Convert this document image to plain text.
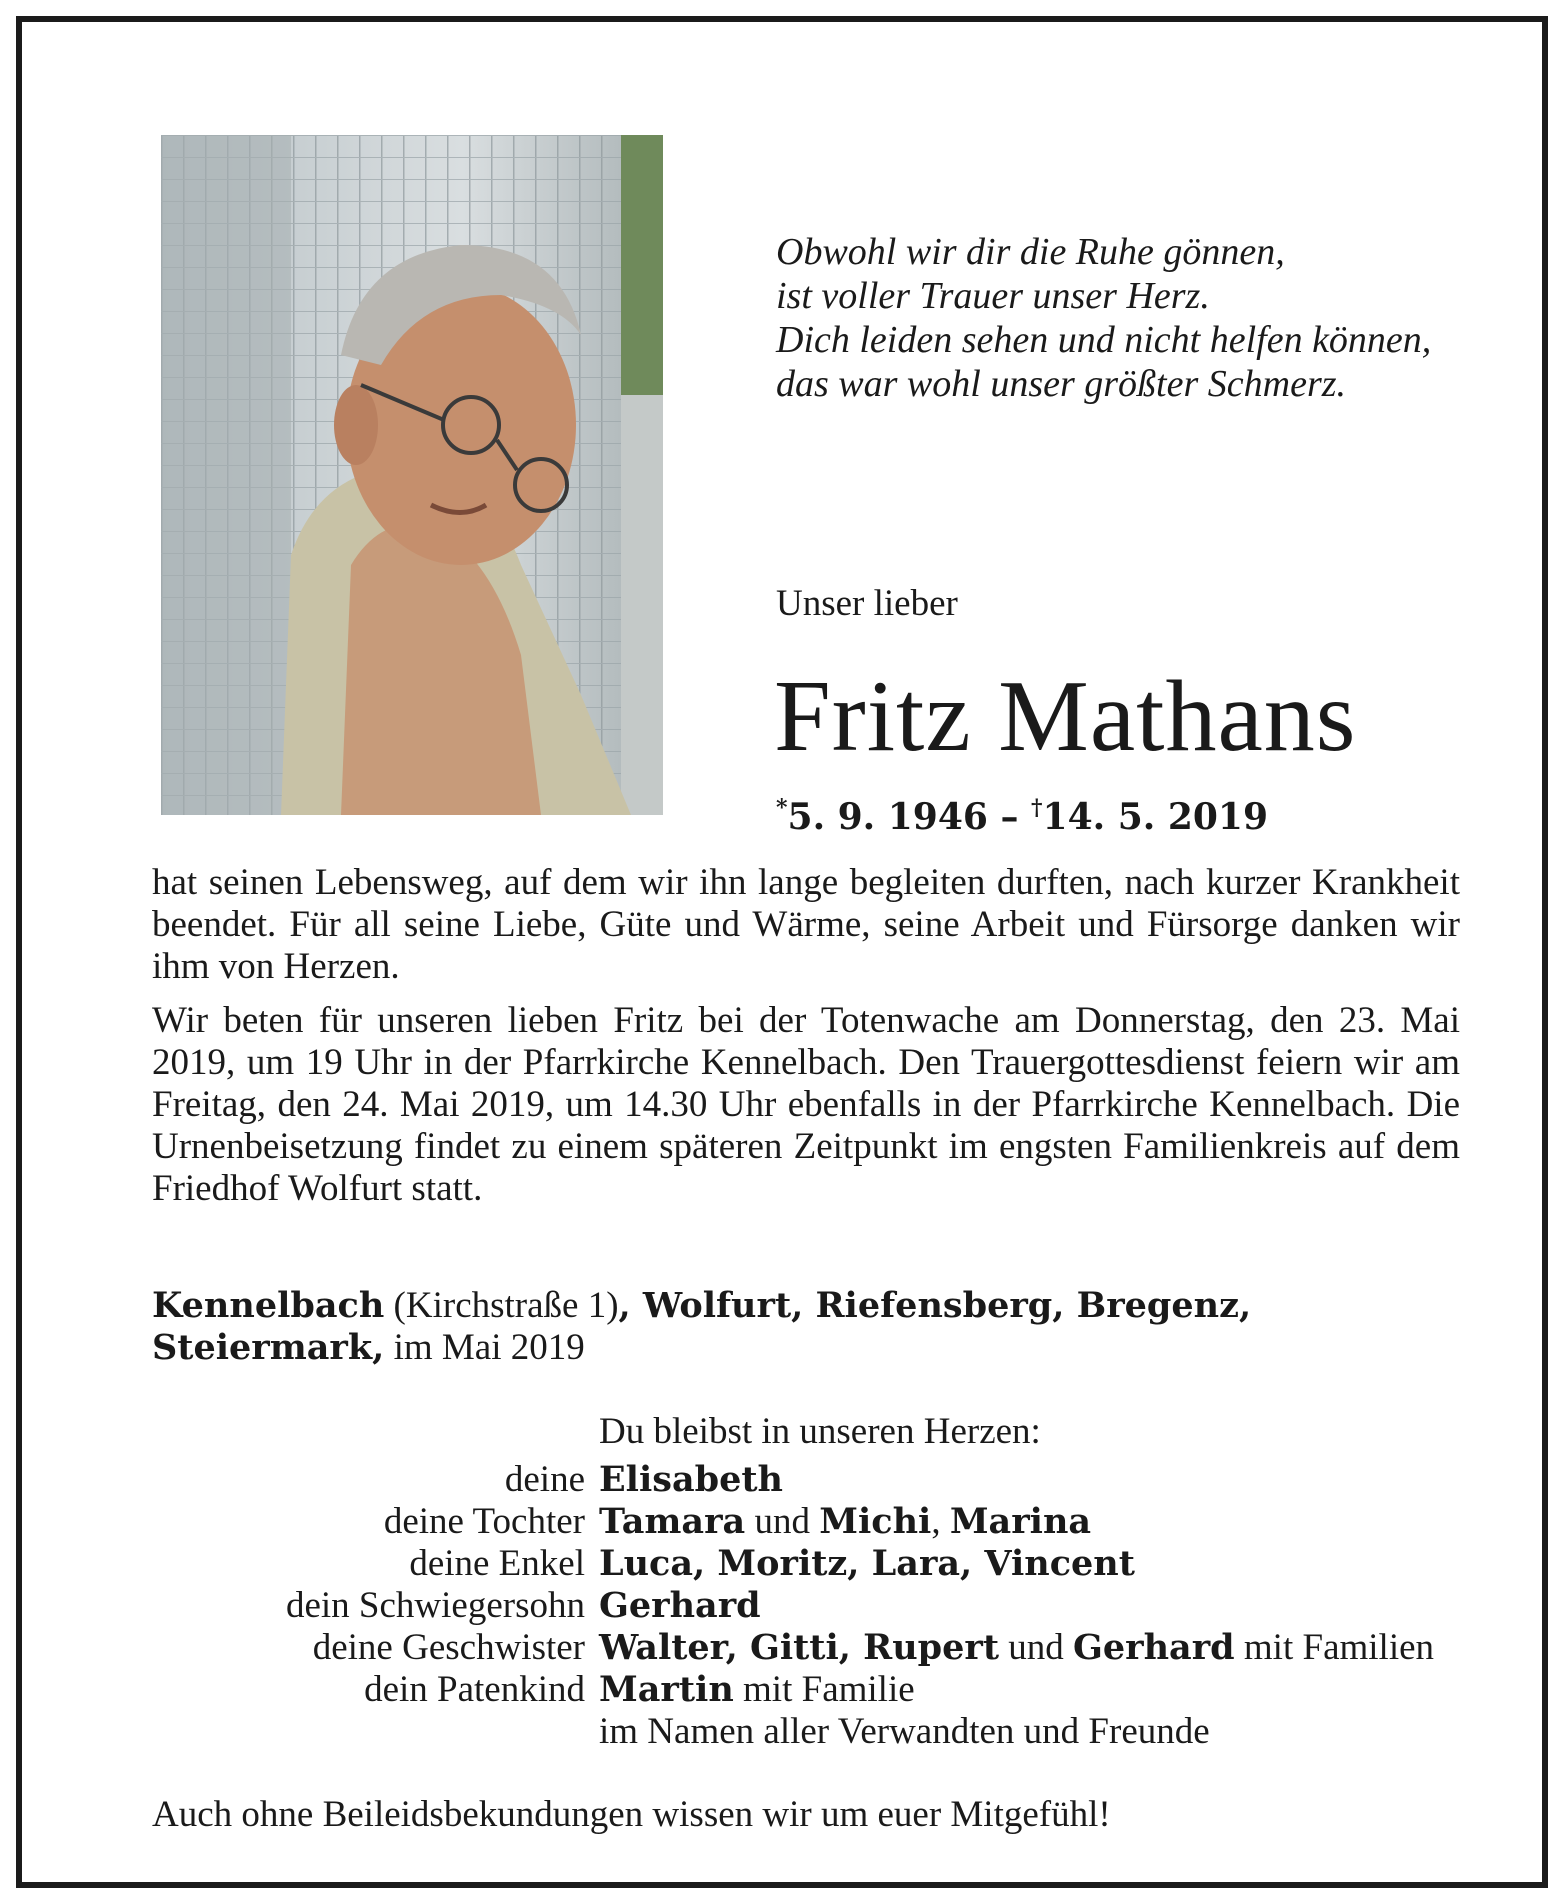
Obwohl wir dir die Ruhe gönnen,
ist voller Trauer unser Herz.
Dich leiden sehen und nicht helfen können,
das war wohl unser größter Schmerz.
Unser lieber
Fritz Mathans
*5. 9. 1946 – †14. 5. 2019

hat seinen Lebensweg, auf dem wir ihn lange begleiten durften, nach kurzer Krankheit beendet. Für all seine Liebe, Güte und Wärme, seine Arbeit und Fürsorge danken wir ihm von Herzen.

Wir beten für unseren lieben Fritz bei der Totenwache am Donnerstag, den 23. Mai 2019, um 19 Uhr in der Pfarrkirche Kennelbach. Den Trauergottesdienst feiern wir am Freitag, den 24. Mai 2019, um 14.30 Uhr ebenfalls in der Pfarrkirche Kennelbach. Die Urnenbeisetzung findet zu einem späteren Zeitpunkt im engsten Familienkreis auf dem Friedhof Wolfurt statt.

Kennelbach (Kirchstraße 1), Wolfurt, Riefensberg, Bregenz,
Steiermark, im Mai 2019
Du bleibst in unseren Herzen:
deine Elisabeth
deine Tochter Tamara und Michi, Marina
deine Enkel Luca, Moritz, Lara, Vincent
dein Schwiegersohn Gerhard
deine Geschwister Walter, Gitti, Rupert und Gerhard mit Familien
dein Patenkind Martin mit Familie
im Namen aller Verwandten und Freunde
Auch ohne Beileidsbekundungen wissen wir um euer Mitgefühl!
